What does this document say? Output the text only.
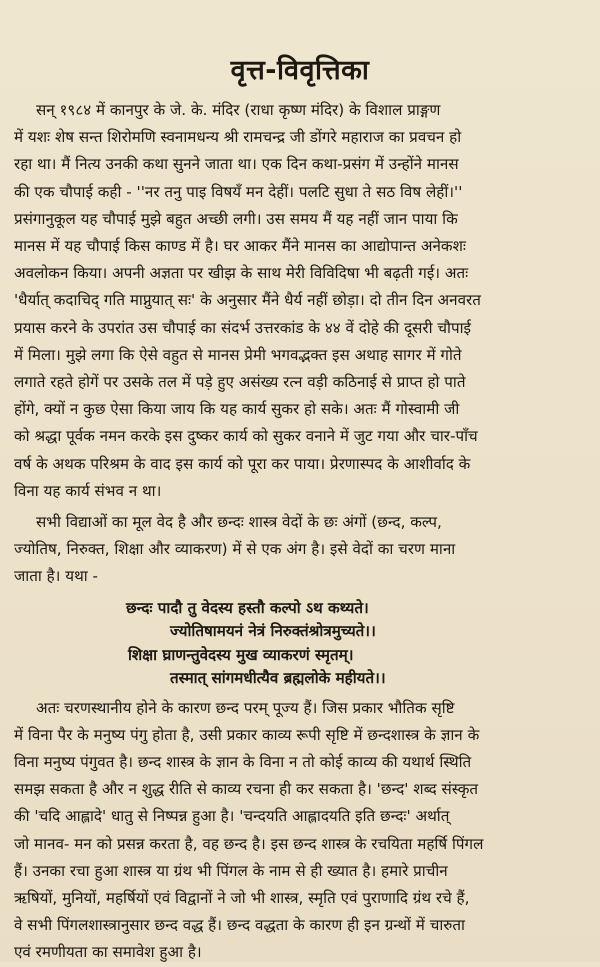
वृत्त-विवृत्तिका
सन् १९८४ में कानपुर के जे. के. मंदिर (राधा कृष्ण मंदिर) के विशाल प्राङ्गण
में यशः शेष सन्त शिरोमणि स्वनामधन्य श्री रामचन्द्र जी डोंगरे महाराज का प्रवचन हो
रहा था। मैं नित्य उनकी कथा सुनने जाता था। एक दिन कथा-प्रसंग में उन्होंने मानस
की एक चौपाई कही - ''नर तनु पाइ विषयँ मन देहीं। पलटि सुधा ते सठ विष लेहीं।''
प्रसंगानुकूल यह चौपाई मुझे बहुत अच्छी लगी। उस समय मैं यह नहीं जान पाया कि
मानस में यह चौपाई किस काण्ड में है। घर आकर मैंने मानस का आद्योपान्त अनेकशः
अवलोकन किया। अपनी अज्ञता पर खीझ के साथ मेरी विविदिषा भी बढ़ती गई। अतः
'धैर्यात् कदाचिद् गति माप्नुयात् सः' के अनुसार मैंने धैर्य नहीं छोड़ा। दो तीन दिन अनवरत
प्रयास करने के उपरांत उस चौपाई का संदर्भ उत्तरकांड के ४४ वें दोहे की दूसरी चौपाई
में मिला। मुझे लगा कि ऐसे वहुत से मानस प्रेमी भगवद्भक्त इस अथाह सागर में गोते
लगाते रहते होगें पर उसके तल में पड़े हुए असंख्य रत्न वड़ी कठिनाई से प्राप्त हो पाते
होंगे, क्यों न कुछ ऐसा किया जाय कि यह कार्य सुकर हो सके। अतः मैं गोस्वामी जी
को श्रद्धा पूर्वक नमन करके इस दुष्कर कार्य को सुकर वनाने में जुट गया और चार-पाँच
वर्ष के अथक परिश्रम के वाद इस कार्य को पूरा कर पाया। प्रेरणास्पद के आशीर्वाद के
विना यह कार्य संभव न था।
सभी विद्याओं का मूल वेद है और छन्दः शास्त्र वेदों के छः अंगों (छन्द, कल्प,
ज्योतिष, निरुक्त, शिक्षा और व्याकरण) में से एक अंग है। इसे वेदों का चरण माना
जाता है। यथा -
छन्दः पादौ तु वेदस्य हस्तौ कल्पो ऽथ कथ्यते।
ज्योतिषामयनं नेत्रं निरुक्तंश्रोत्रमुच्यते।।
शिक्षा घ्राणन्तुवेदस्य मुख व्याकरणं स्मृतम्।
तस्मात् सांगमधीत्यैव ब्रह्मलोके महीयते।।
अतः चरणस्थानीय होने के कारण छन्द परम् पूज्य हैं। जिस प्रकार भौतिक सृष्टि
में विना पैर के मनुष्य पंगु होता है, उसी प्रकार काव्य रूपी सृष्टि में छन्दशास्त्र के ज्ञान के
विना मनुष्य पंगुवत है। छन्द शास्त्र के ज्ञान के विना न तो कोई काव्य की यथार्थ स्थिति
समझ सकता है और न शुद्ध रीति से काव्य रचना ही कर सकता है। 'छन्द' शब्द संस्कृत
की 'चदि आह्लादे' धातु से निष्पन्न हुआ है। 'चन्दयति आह्लादयति इति छन्दः' अर्थात्
जो मानव- मन को प्रसन्न करता है, वह छन्द है। इस छन्द शास्त्र के रचयिता महर्षि पिंगल
हैं। उनका रचा हुआ शास्त्र या ग्रंथ भी पिंगल के नाम से ही ख्यात है। हमारे प्राचीन
ऋषियों, मुनियों, महर्षियों एवं विद्वानों ने जो भी शास्त्र, स्मृति एवं पुराणादि ग्रंथ रचे हैं,
वे सभी पिंगलशास्त्रानुसार छन्द वद्ध हैं। छन्द वद्धता के कारण ही इन ग्रन्थों में चारुता
एवं रमणीयता का समावेश हुआ है।
